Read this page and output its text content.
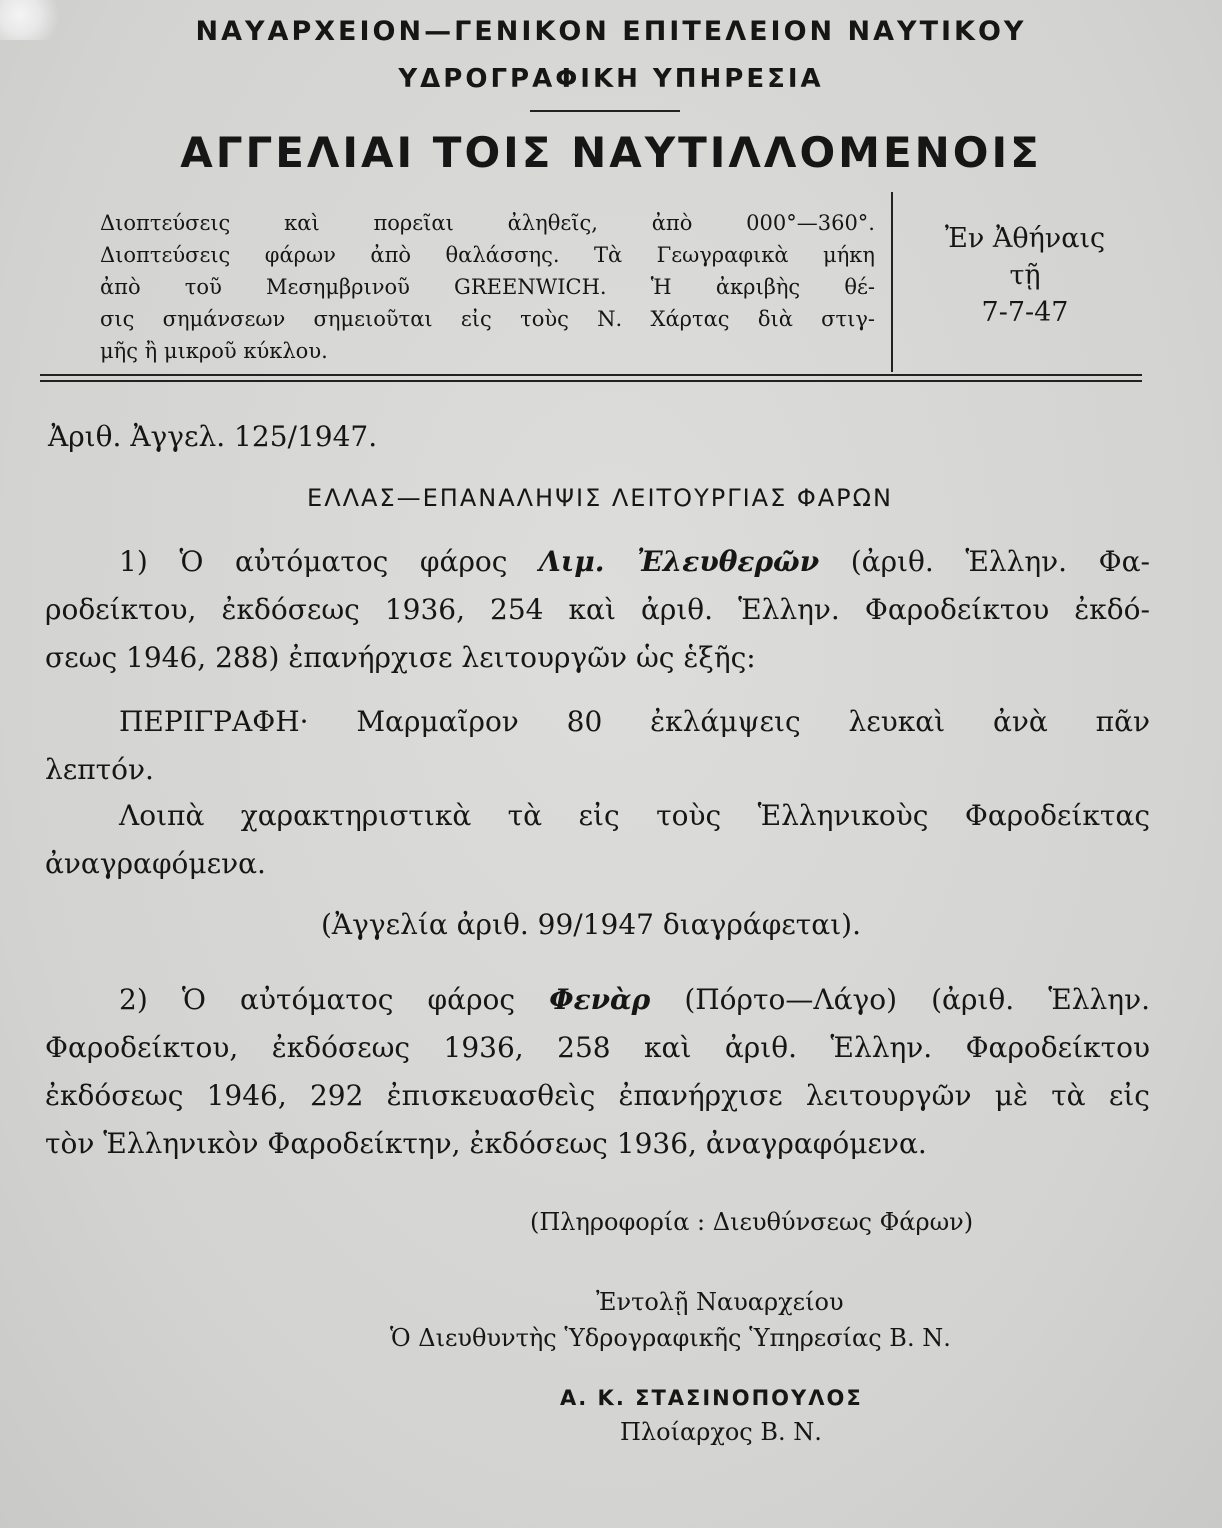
ΝΑΥΑΡΧΕΙΟΝ—ΓΕΝΙΚΟΝ ΕΠΙΤΕΛΕΙΟΝ ΝΑΥΤΙΚΟΥ
ΥΔΡΟΓΡΑΦΙΚΗ ΥΠΗΡΕΣΙΑ
ΑΓΓΕΛΙΑΙ ΤΟΙΣ ΝΑΥΤΙΛΛΟΜΕΝΟΙΣ
Διοπτεύσεις καὶ πορεῖαι ἀληθεῖς, ἀπὸ 000°—360°.
Διοπτεύσεις φάρων ἀπὸ θαλάσσης. Τὰ Γεωγραφικὰ μήκη
ἀπὸ τοῦ Μεσημβρινοῦ GREENWICH. Ἡ ἀκριβὴς θέ-
σις σημάνσεων σημειοῦται εἰς τοὺς Ν. Χάρτας διὰ στιγ-
μῆς ἢ μικροῦ κύκλου.
Ἐν Ἀθήναις
τῇ
7-7-47
Ἀριθ. Ἀγγελ. 125/1947.
ΕΛΛΑΣ—ΕΠΑΝΑΛΗΨΙΣ ΛΕΙΤΟΥΡΓΙΑΣ ΦΑΡΩΝ
1) Ὁ αὐτόματος φάρος Λιμ. Ἐλευθερῶν (ἀριθ. Ἑλλην. Φα-
ροδείκτου, ἐκδόσεως 1936, 254 καὶ ἀριθ. Ἑλλην. Φαροδείκτου ἐκδό-
σεως 1946, 288) ἐπανήρχισε λειτουργῶν ὡς ἑξῆς:
ΠΕΡΙΓΡΑΦΗ· Μαρμαῖρον 80 ἐκλάμψεις λευκαὶ ἀνὰ πᾶν
λεπτόν.
Λοιπὰ χαρακτηριστικὰ τὰ εἰς τοὺς Ἑλληνικοὺς Φαροδείκτας
ἀναγραφόμενα.
(Ἀγγελία ἀριθ. 99/1947 διαγράφεται).
2) Ὁ αὐτόματος φάρος Φενὰρ (Πόρτο—Λάγο) (ἀριθ. Ἑλλην.
Φαροδείκτου, ἐκδόσεως 1936, 258 καὶ ἀριθ. Ἑλλην. Φαροδείκτου
ἐκδόσεως 1946, 292 ἐπισκευασθεὶς ἐπανήρχισε λειτουργῶν μὲ τὰ εἰς
τὸν Ἑλληνικὸν Φαροδείκτην, ἐκδόσεως 1936, ἀναγραφόμενα.
(Πληροφορία : Διευθύνσεως Φάρων)
Ἐντολῇ Ναυαρχείου
Ὁ Διευθυντὴς Ὑδρογραφικῆς Ὑπηρεσίας Β. Ν.
Α. Κ. ΣΤΑΣΙΝΟΠΟΥΛΟΣ
Πλοίαρχος Β. Ν.
